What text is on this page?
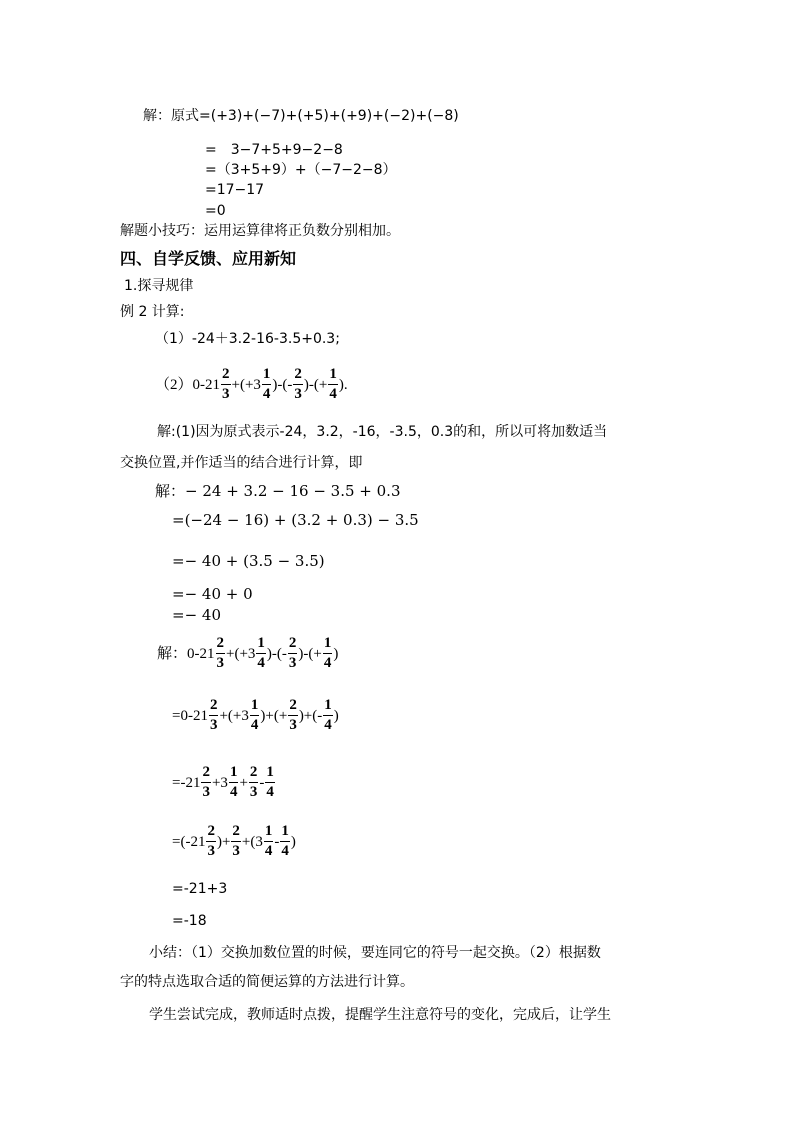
解：原式=(+3)+(−7)+(+5)+(+9)+(−2)+(−8)
=　3−7+5+9−2−8
=（3+5+9）+（−7−2−8）
=17−17
=0
解题小技巧：运用运算律将正负数分别相加。
四、自学反馈、应用新知
1.探寻规律
例 2 计算:
（1）-24＋3.2-16-3.5+0.3;
$(2)0-21 \frac{2}{3} +(+3 \frac{1}{4}$ )-(- $\frac{2}{3}$ )-(+ $\frac{1}{4}$ ).
解:(1)因为原式表示-24，3.2，-16，-3.5，0.3的和，所以可将加数适当
交换位置,并作适当的结合进行计算，即
解：− 24 + 3.2 − 16 − 3.5 + 0.3
=(−24 − 16) + (3.2 + 0.3) − 3.5
=− 40 + (3.5 − 3.5)
=− 40 + 0
=− 40
解：$0-21 \frac{2}{3} +(+3 \frac{1}{4}$ )-(- $\frac{2}{3}$ )-(+ $\frac{1}{4}$ )
$=0-21 \frac{2}{3} +(+3 \frac{1}{4}$ )+(+ $\frac{2}{3}$ )+(- $\frac{1}{4}$ )
$=-21 \frac{2}{3} +3 \frac{1}{4} + \frac{2}{3} - \frac{1}{4}$
$=(-21 \frac{2}{3}$ )+ $\frac{2}{3} +(3 \frac{1}{4} - \frac{1}{4}$ )
=-21+3
=-18
小结：（1）交换加数位置的时候，要连同它的符号一起交换。（2）根据数
字的特点选取合适的简便运算的方法进行计算。
学生尝试完成，教师适时点拨，提醒学生注意符号的变化，完成后，让学生
